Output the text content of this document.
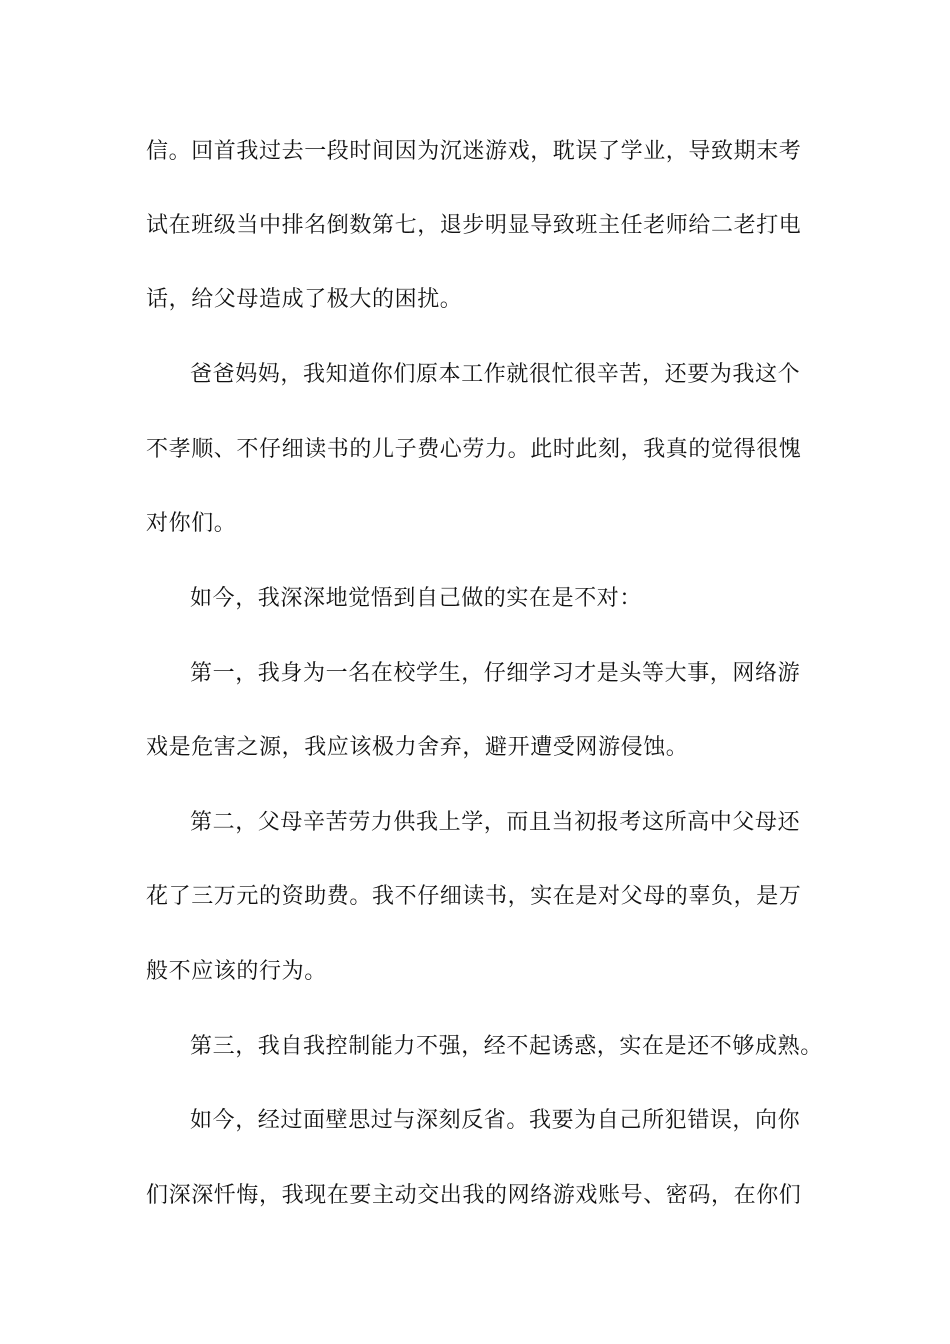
信。回首我过去一段时间因为沉迷游戏，耽误了学业，导致期末考
试在班级当中排名倒数第七，退步明显导致班主任老师给二老打电
话，给父母造成了极大的困扰。
爸爸妈妈，我知道你们原本工作就很忙很辛苦，还要为我这个
不孝顺、不仔细读书的儿子费心劳力。此时此刻，我真的觉得很愧
对你们。
如今，我深深地觉悟到自己做的实在是不对：
第一，我身为一名在校学生，仔细学习才是头等大事，网络游
戏是危害之源，我应该极力舍弃，避开遭受网游侵蚀。
第二，父母辛苦劳力供我上学，而且当初报考这所高中父母还
花了三万元的资助费。我不仔细读书，实在是对父母的辜负，是万
般不应该的行为。
第三，我自我控制能力不强，经不起诱惑，实在是还不够成熟。
如今，经过面壁思过与深刻反省。我要为自己所犯错误，向你
们深深忏悔，我现在要主动交出我的网络游戏账号、密码，在你们
